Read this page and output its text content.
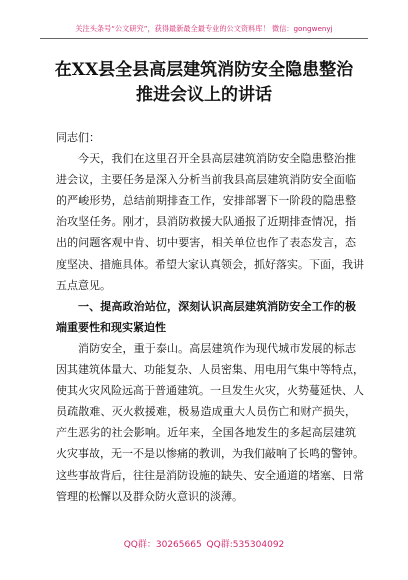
关注头条号“公文研究”，获得最新最全最专业的公文资料库！ 微信：gongwenyj
在XX县全县高层建筑消防安全隐患整治
推进会议上的讲话
同志们：
今天，我们在这里召开全县高层建筑消防安全隐患整治推
进会议，主要任务是深入分析当前我县高层建筑消防安全面临
的严峻形势，总结前期排查工作，安排部署下一阶段的隐患整
治攻坚任务。刚才，县消防救援大队通报了近期排查情况，指
出的问题客观中肯、切中要害，相关单位也作了表态发言，态
度坚决、措施具体。希望大家认真领会，抓好落实。下面，我讲
五点意见。
一、提高政治站位，深刻认识高层建筑消防安全工作的极
端重要性和现实紧迫性
消防安全，重于泰山。高层建筑作为现代城市发展的标志
因其建筑体量大、功能复杂、人员密集、用电用气集中等特点，
使其火灾风险远高于普通建筑。一旦发生火灾，火势蔓延快、人
员疏散难、灭火救援难，极易造成重大人员伤亡和财产损失，
产生恶劣的社会影响。近年来，全国各地发生的多起高层建筑
火灾事故，无一不是以惨痛的教训，为我们敲响了长鸣的警钟。
这些事故背后，往往是消防设施的缺失、安全通道的堵塞、日常
管理的松懈以及群众防火意识的淡薄。
QQ群：30265665 QQ群:535304092
